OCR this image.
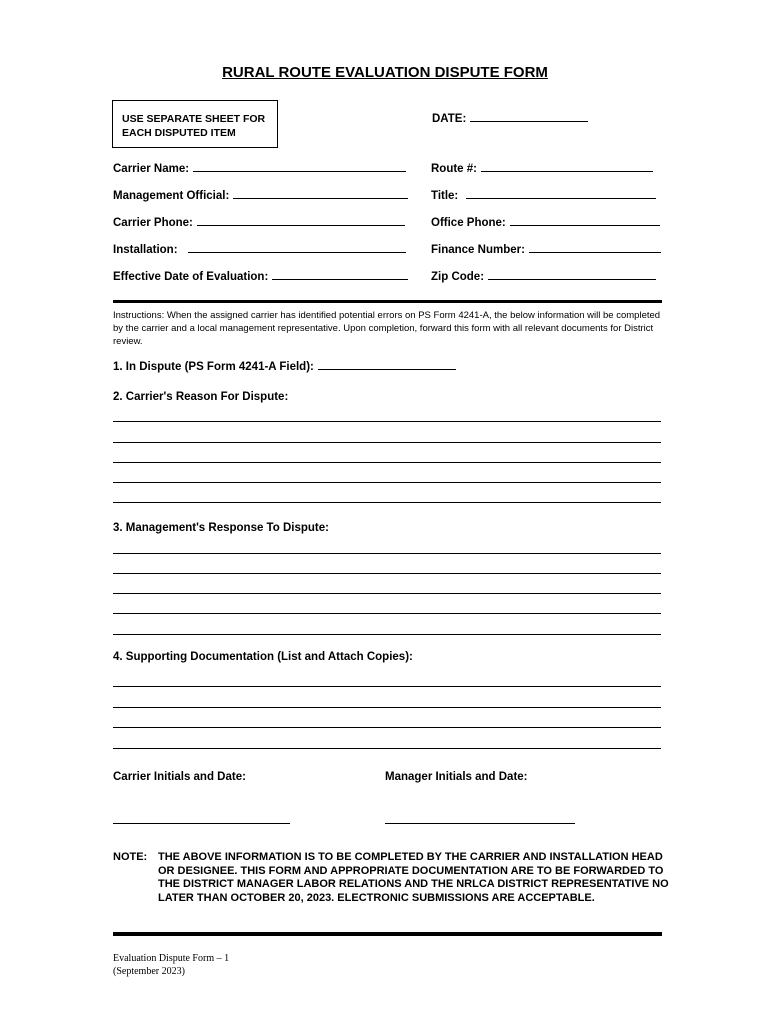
RURAL ROUTE EVALUATION DISPUTE FORM
USE SEPARATE SHEET FOR EACH DISPUTED ITEM
DATE:
Carrier Name:
Management Official:
Carrier Phone:
Installation:
Effective Date of Evaluation:
Route #:
Title:
Office Phone:
Finance Number:
Zip Code:
Instructions: When the assigned carrier has identified potential errors on PS Form 4241-A, the below information will be completed by the carrier and a local management representative. Upon completion, forward this form with all relevant documents for District review.
1. In Dispute (PS Form 4241-A Field):
2. Carrier's Reason For Dispute:
3. Management's Response To Dispute:
4. Supporting Documentation (List and Attach Copies):
Carrier Initials and Date:	Manager Initials and Date:
NOTE: THE ABOVE INFORMATION IS TO BE COMPLETED BY THE CARRIER AND INSTALLATION HEAD OR DESIGNEE. THIS FORM AND APPROPRIATE DOCUMENTATION ARE TO BE FORWARDED TO THE DISTRICT MANAGER LABOR RELATIONS AND THE NRLCA DISTRICT REPRESENTATIVE NO LATER THAN OCTOBER 20, 2023. ELECTRONIC SUBMISSIONS ARE ACCEPTABLE.
Evaluation Dispute Form – 1
(September 2023)
